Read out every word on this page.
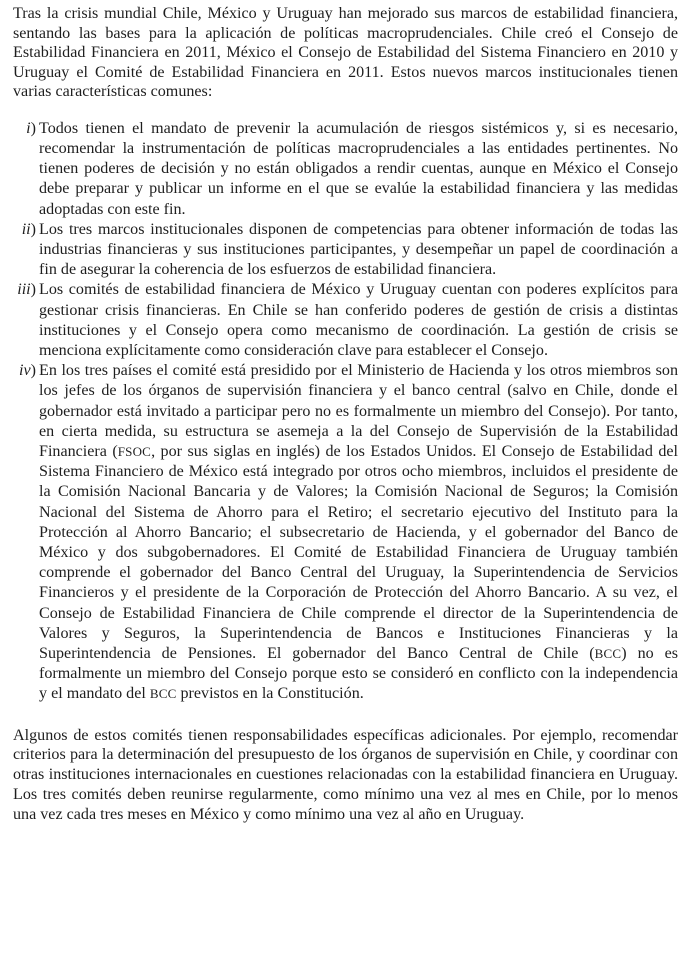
Tras la crisis mundial Chile, México y Uruguay han mejorado sus marcos de estabilidad financiera, sentando las bases para la aplicación de políticas macroprudenciales. Chile creó el Consejo de Estabilidad Financiera en 2011, México el Consejo de Estabilidad del Sistema Financiero en 2010 y Uruguay el Comité de Estabilidad Financiera en 2011. Estos nuevos marcos institucionales tienen varias características comunes:

i) Todos tienen el mandato de prevenir la acumulación de riesgos sistémicos y, si es necesario, recomendar la instrumentación de políticas macroprudenciales a las entidades pertinentes. No tienen poderes de decisión y no están obligados a rendir cuentas, aunque en México el Consejo debe preparar y publicar un informe en el que se evalúe la estabilidad financiera y las medidas adoptadas con este fin.
ii) Los tres marcos institucionales disponen de competencias para obtener información de todas las industrias financieras y sus instituciones participantes, y desempeñar un papel de coordinación a fin de asegurar la coherencia de los esfuerzos de estabilidad financiera.
iii) Los comités de estabilidad financiera de México y Uruguay cuentan con poderes explícitos para gestionar crisis financieras. En Chile se han conferido poderes de gestión de crisis a distintas instituciones y el Consejo opera como mecanismo de coordinación. La gestión de crisis se menciona explícitamente como consideración clave para establecer el Consejo.
iv) En los tres países el comité está presidido por el Ministerio de Hacienda y los otros miembros son los jefes de los órganos de supervisión financiera y el banco central (salvo en Chile, donde el gobernador está invitado a participar pero no es formalmente un miembro del Consejo). Por tanto, en cierta medida, su estructura se asemeja a la del Consejo de Supervisión de la Estabilidad Financiera (FSOC, por sus siglas en inglés) de los Estados Unidos. El Consejo de Estabilidad del Sistema Financiero de México está integrado por otros ocho miembros, incluidos el presidente de la Comisión Nacional Bancaria y de Valores; la Comisión Nacional de Seguros; la Comisión Nacional del Sistema de Ahorro para el Retiro; el secretario ejecutivo del Instituto para la Protección al Ahorro Bancario; el subsecretario de Hacienda, y el gobernador del Banco de México y dos subgobernadores. El Comité de Estabilidad Financiera de Uruguay también comprende el gobernador del Banco Central del Uruguay, la Superintendencia de Servicios Financieros y el presidente de la Corporación de Protección del Ahorro Bancario. A su vez, el Consejo de Estabilidad Financiera de Chile comprende el director de la Superintendencia de Valores y Seguros, la Superintendencia de Bancos e Instituciones Financieras y la Superintendencia de Pensiones. El gobernador del Banco Central de Chile (BCC) no es formalmente un miembro del Consejo porque esto se consideró en conflicto con la independencia y el mandato del BCC previstos en la Constitución.

Algunos de estos comités tienen responsabilidades específicas adicionales. Por ejemplo, recomendar criterios para la determinación del presupuesto de los órganos de supervisión en Chile, y coordinar con otras instituciones internacionales en cuestiones relacionadas con la estabilidad financiera en Uruguay. Los tres comités deben reunirse regularmente, como mínimo una vez al mes en Chile, por lo menos una vez cada tres meses en México y como mínimo una vez al año en Uruguay.
